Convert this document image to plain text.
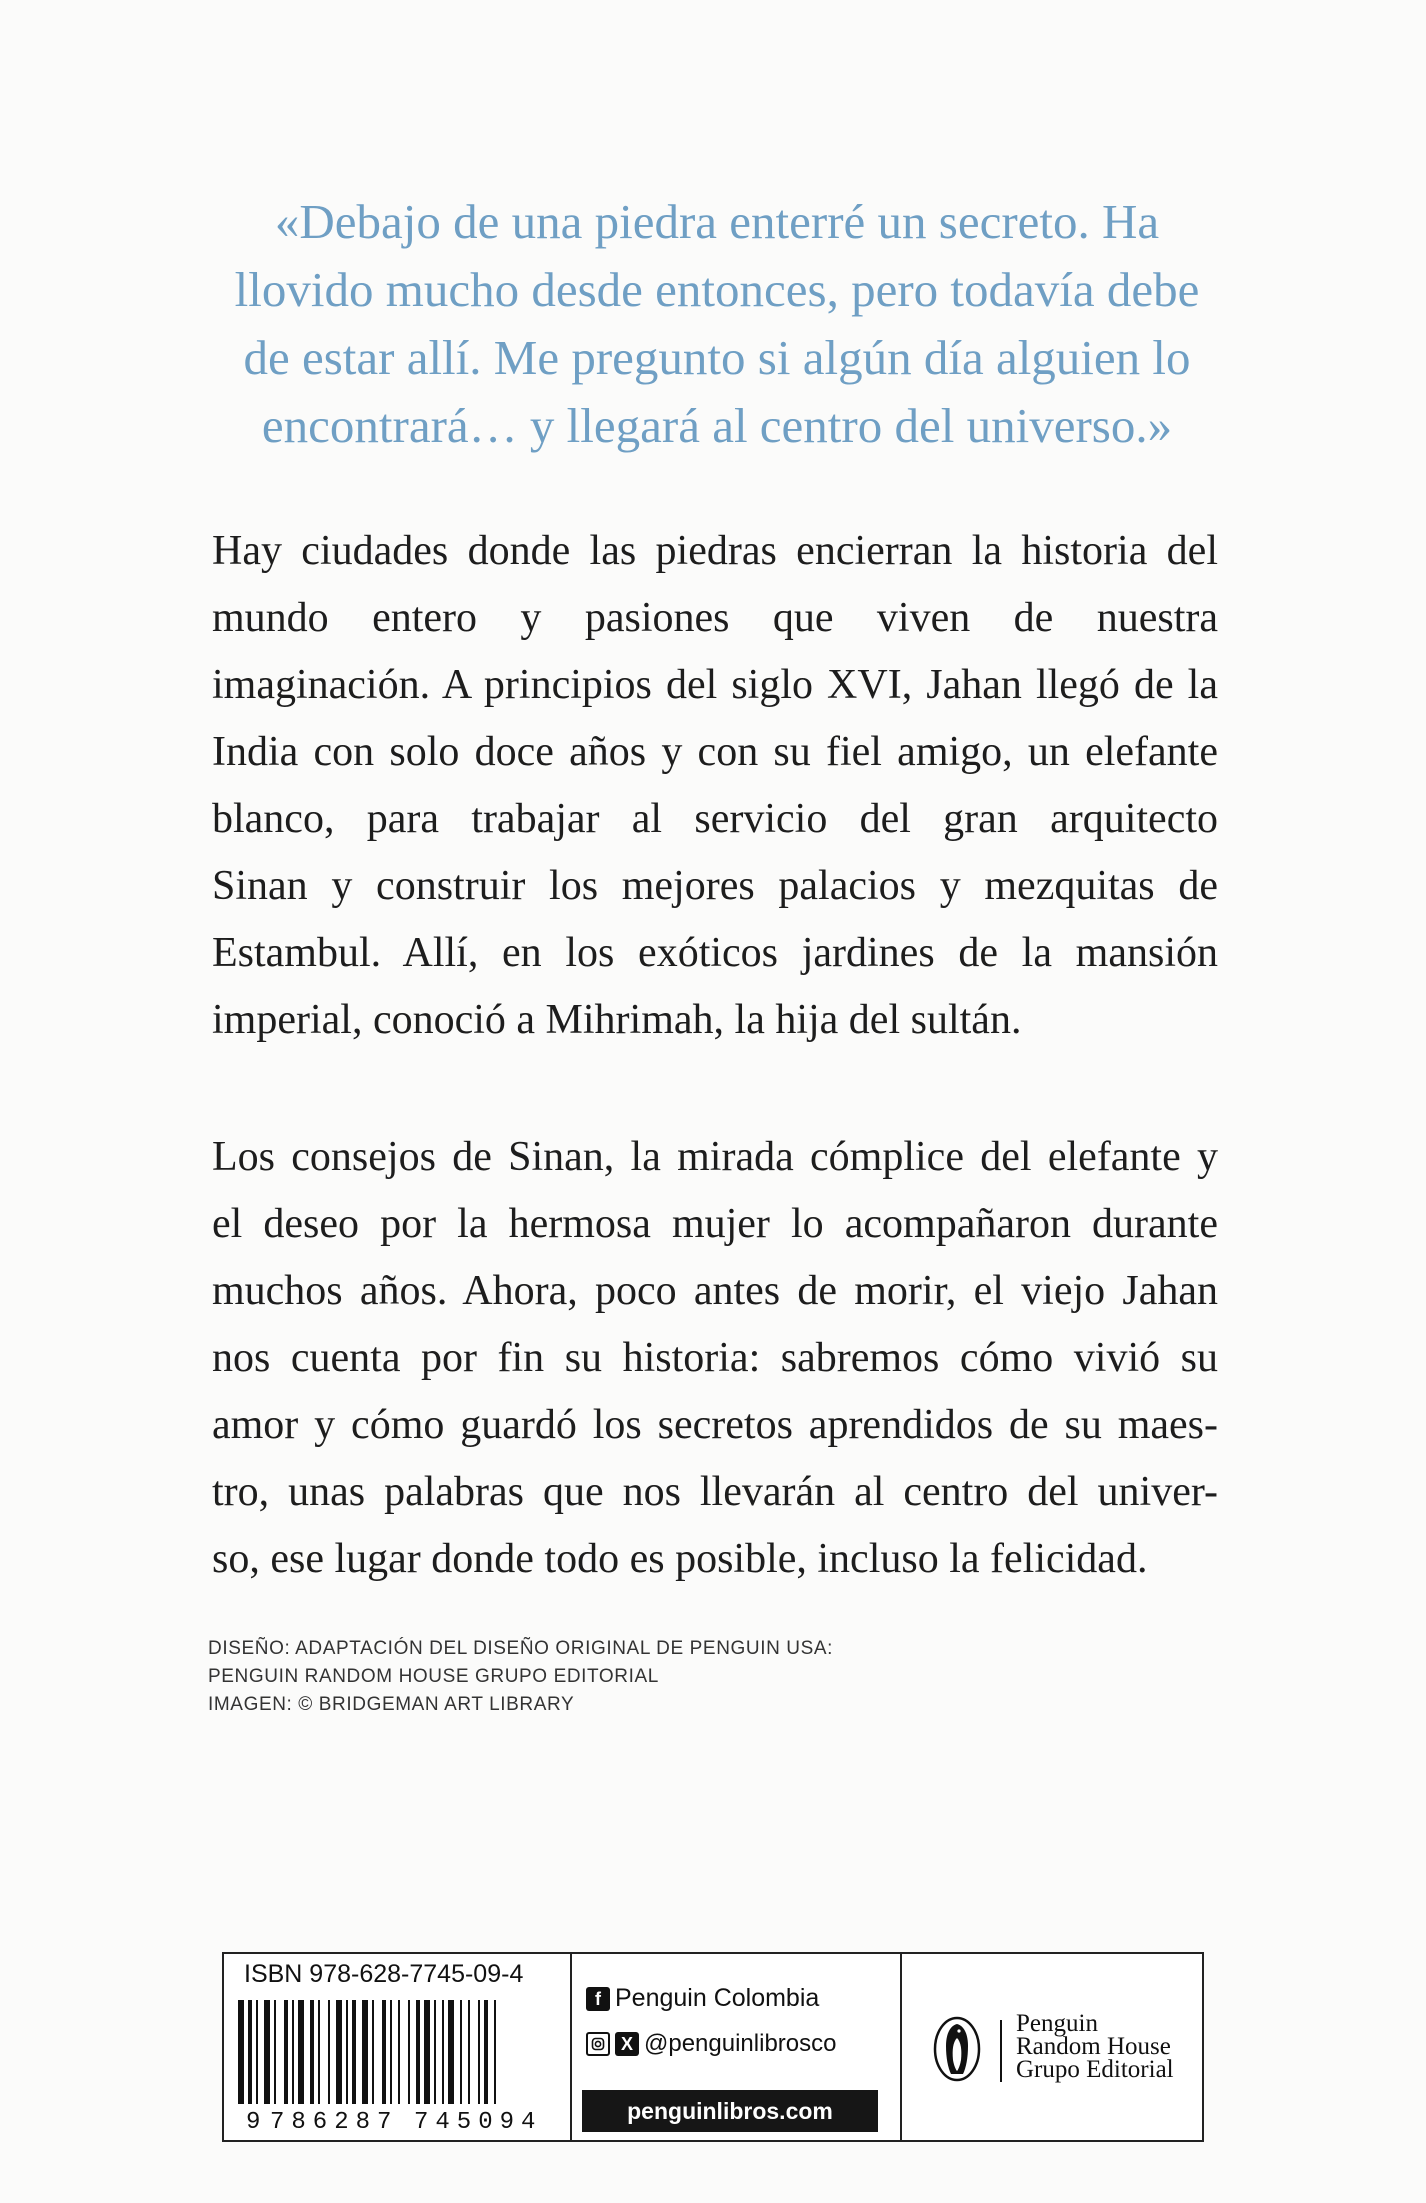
«Debajo de una piedra enterré un secreto. Ha
llovido mucho desde entonces, pero todavía debe
de estar allí. Me pregunto si algún día alguien lo
encontrará… y llegará al centro del universo.»
Hay ciudades donde las piedras encierran la historia del
mundo entero y pasiones que viven de nuestra
imaginación. A principios del siglo XVI, Jahan llegó de la
India con solo doce años y con su fiel amigo, un elefante
blanco, para trabajar al servicio del gran arquitecto
Sinan y construir los mejores palacios y mezquitas de
Estambul. Allí, en los exóticos jardines de la mansión
imperial, conoció a Mihrimah, la hija del sultán.
Los consejos de Sinan, la mirada cómplice del elefante y
el deseo por la hermosa mujer lo acompañaron durante
muchos años. Ahora, poco antes de morir, el viejo Jahan
nos cuenta por fin su historia: sabremos cómo vivió su
amor y cómo guardó los secretos aprendidos de su maes-
tro, unas palabras que nos llevarán al centro del univer-
so, ese lugar donde todo es posible, incluso la felicidad.
DISEÑO: ADAPTACIÓN DEL DISEÑO ORIGINAL DE PENGUIN USA:
PENGUIN RANDOM HOUSE GRUPO EDITORIAL
IMAGEN: © BRIDGEMAN ART LIBRARY
ISBN 978-628-7745-09-4
9 786287 745094
f Penguin Colombia
X @penguinlibrosco
penguinlibros.com
Penguin
Random House
Grupo Editorial
